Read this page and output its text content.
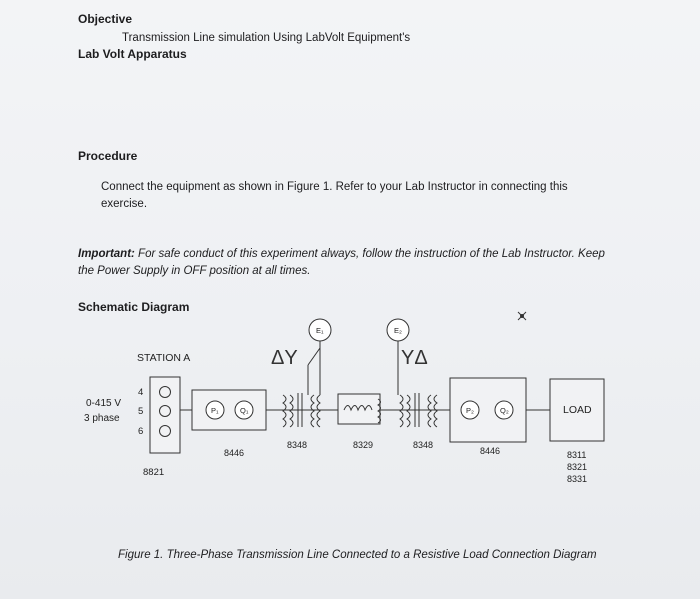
Objective
Transmission Line simulation Using LabVolt Equipment's
Lab Volt Apparatus
Procedure
Connect the equipment as shown in Figure 1. Refer to your Lab Instructor in connecting this
exercise.
Important: For safe conduct of this experiment always, follow the instruction of the Lab Instructor. Keep
the Power Supply in OFF position at all times.
Schematic Diagram
ΔY	YΔ
STATION A
0-415 V
3 phase
4
5
6
8821
P₁	Q₁
E₁	E₂
P₂	Q₂
8446
8348	8329	8348
8446
LOAD
8311
8321
8331
Figure 1. Three-Phase Transmission Line Connected to a Resistive Load Connection Diagram
